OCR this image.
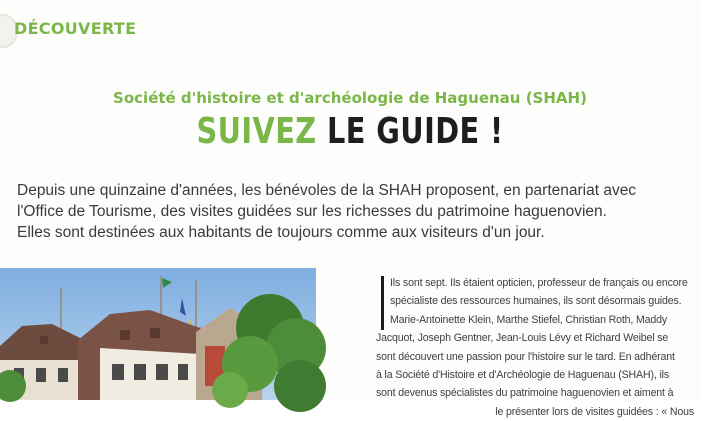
DÉCOUVERTE
Société d'histoire et d'archéologie de Haguenau (SHAH)
SUIVEZ LE GUIDE !

Depuis une quinzaine d'années, les bénévoles de la SHAH proposent, en partenariat avec

l'Office de Tourisme, des visites guidées sur les richesses du patrimoine haguenovien.

Elles sont destinées aux habitants de toujours comme aux visiteurs d'un jour.

Ils sont sept. Ils étaient opticien, professeur de français ou encore
spécialiste des ressources humaines, ils sont désormais guides.
Marie-Antoinette Klein, Marthe Stiefel, Christian Roth, Maddy
Jacquot, Joseph Gentner, Jean-Louis Lévy et Richard Weibel se
sont découvert une passion pour l'histoire sur le tard. En adhérant
à la Société d'Histoire et d'Archéologie de Haguenau (SHAH), ils
sont devenus spécialistes du patrimoine haguenovien et aiment à
le présenter lors de visites guidées : « Nous
